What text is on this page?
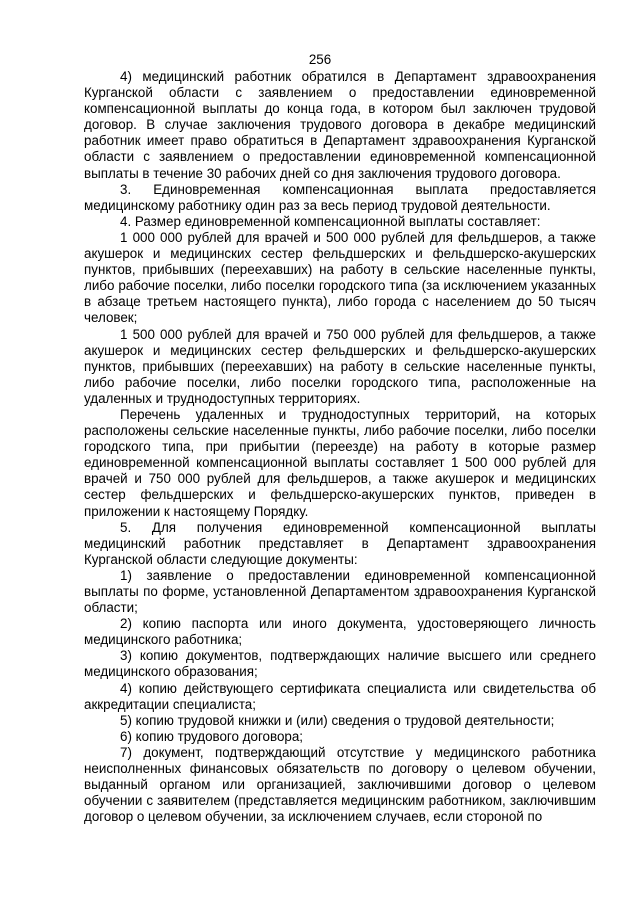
256

4) медицинский работник обратился в Департамент здравоохранения Курганской области с заявлением о предоставлении единовременной компенсационной выплаты до конца года, в котором был заключен трудовой договор. В случае заключения трудового договора в декабре медицинский работник имеет право обратиться в Департамент здравоохранения Курганской области с заявлением о предоставлении единовременной компенсационной выплаты в течение 30 рабочих дней со дня заключения трудового договора.

3. Единовременная компенсационная выплата предоставляется медицинскому работнику один раз за весь период трудовой деятельности.

4. Размер единовременной компенсационной выплаты составляет:

1 000 000 рублей для врачей и 500 000 рублей для фельдшеров, а также акушерок и медицинских сестер фельдшерских и фельдшерско-акушерских пунктов, прибывших (переехавших) на работу в сельские населенные пункты, либо рабочие поселки, либо поселки городского типа (за исключением указанных в абзаце третьем настоящего пункта), либо города с населением до 50 тысяч человек;

1 500 000 рублей для врачей и 750 000 рублей для фельдшеров, а также акушерок и медицинских сестер фельдшерских и фельдшерско-акушерских пунктов, прибывших (переехавших) на работу в сельские населенные пункты, либо рабочие поселки, либо поселки городского типа, расположенные на удаленных и труднодоступных территориях.

Перечень удаленных и труднодоступных территорий, на которых расположены сельские населенные пункты, либо рабочие поселки, либо поселки городского типа, при прибытии (переезде) на работу в которые размер единовременной компенсационной выплаты составляет 1 500 000 рублей для врачей и 750 000 рублей для фельдшеров, а также акушерок и медицинских сестер фельдшерских и фельдшерско-акушерских пунктов, приведен в приложении к настоящему Порядку.

5. Для получения единовременной компенсационной выплаты медицинский работник представляет в Департамент здравоохранения Курганской области следующие документы:

1) заявление о предоставлении единовременной компенсационной выплаты по форме, установленной Департаментом здравоохранения Курганской области;

2) копию паспорта или иного документа, удостоверяющего личность медицинского работника;

3) копию документов, подтверждающих наличие высшего или среднего медицинского образования;

4) копию действующего сертификата специалиста или свидетельства об аккредитации специалиста;

5) копию трудовой книжки и (или) сведения о трудовой деятельности;

6) копию трудового договора;

7) документ, подтверждающий отсутствие у медицинского работника неисполненных финансовых обязательств по договору о целевом обучении, выданный органом или организацией, заключившими договор о целевом обучении с заявителем (представляется медицинским работником, заключившим договор о целевом обучении, за исключением случаев, если стороной по
